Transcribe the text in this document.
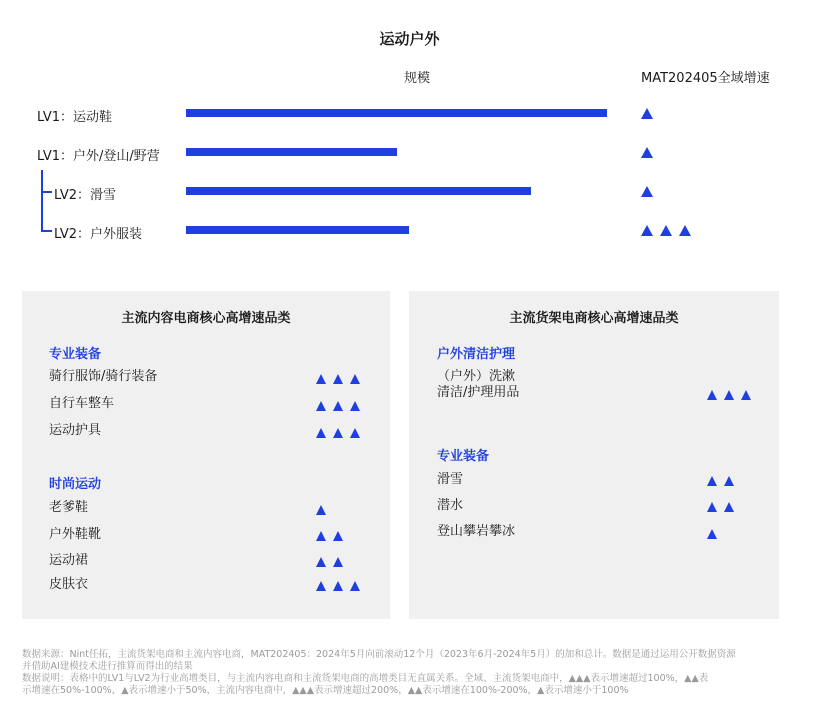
运动户外
规模	MAT202405全域增速
LV1：运动鞋
LV1：户外/登山/野营
LV2：滑雪
LV2：户外服装
主流内容电商核心高增速品类
专业装备
骑行服饰/骑行装备
自行车整车
运动护具
时尚运动
老爹鞋
户外鞋靴
运动裙
皮肤衣
主流货架电商核心高增速品类
户外清洁护理
（户外）洗漱
清洁/护理用品
专业装备
滑雪
潜水
登山攀岩攀冰
数据来源：Nint任拓，主流货架电商和主流内容电商，MAT202405：2024年5月向前滚动12个月（2023年6月-2024年5月）的加和总计。数据是通过运用公开数据资源
并借助AI建模技术进行推算而得出的结果
数据说明：表格中的LV1与LV2为行业高增类目，与主流内容电商和主流货架电商的高增类目无直属关系。全域、主流货架电商中，▲▲▲表示增速超过100%，▲▲表
示增速在50%-100%，▲表示增速小于50%，主流内容电商中，▲▲▲表示增速超过200%，▲▲表示增速在100%-200%，▲表示增速小于100%
